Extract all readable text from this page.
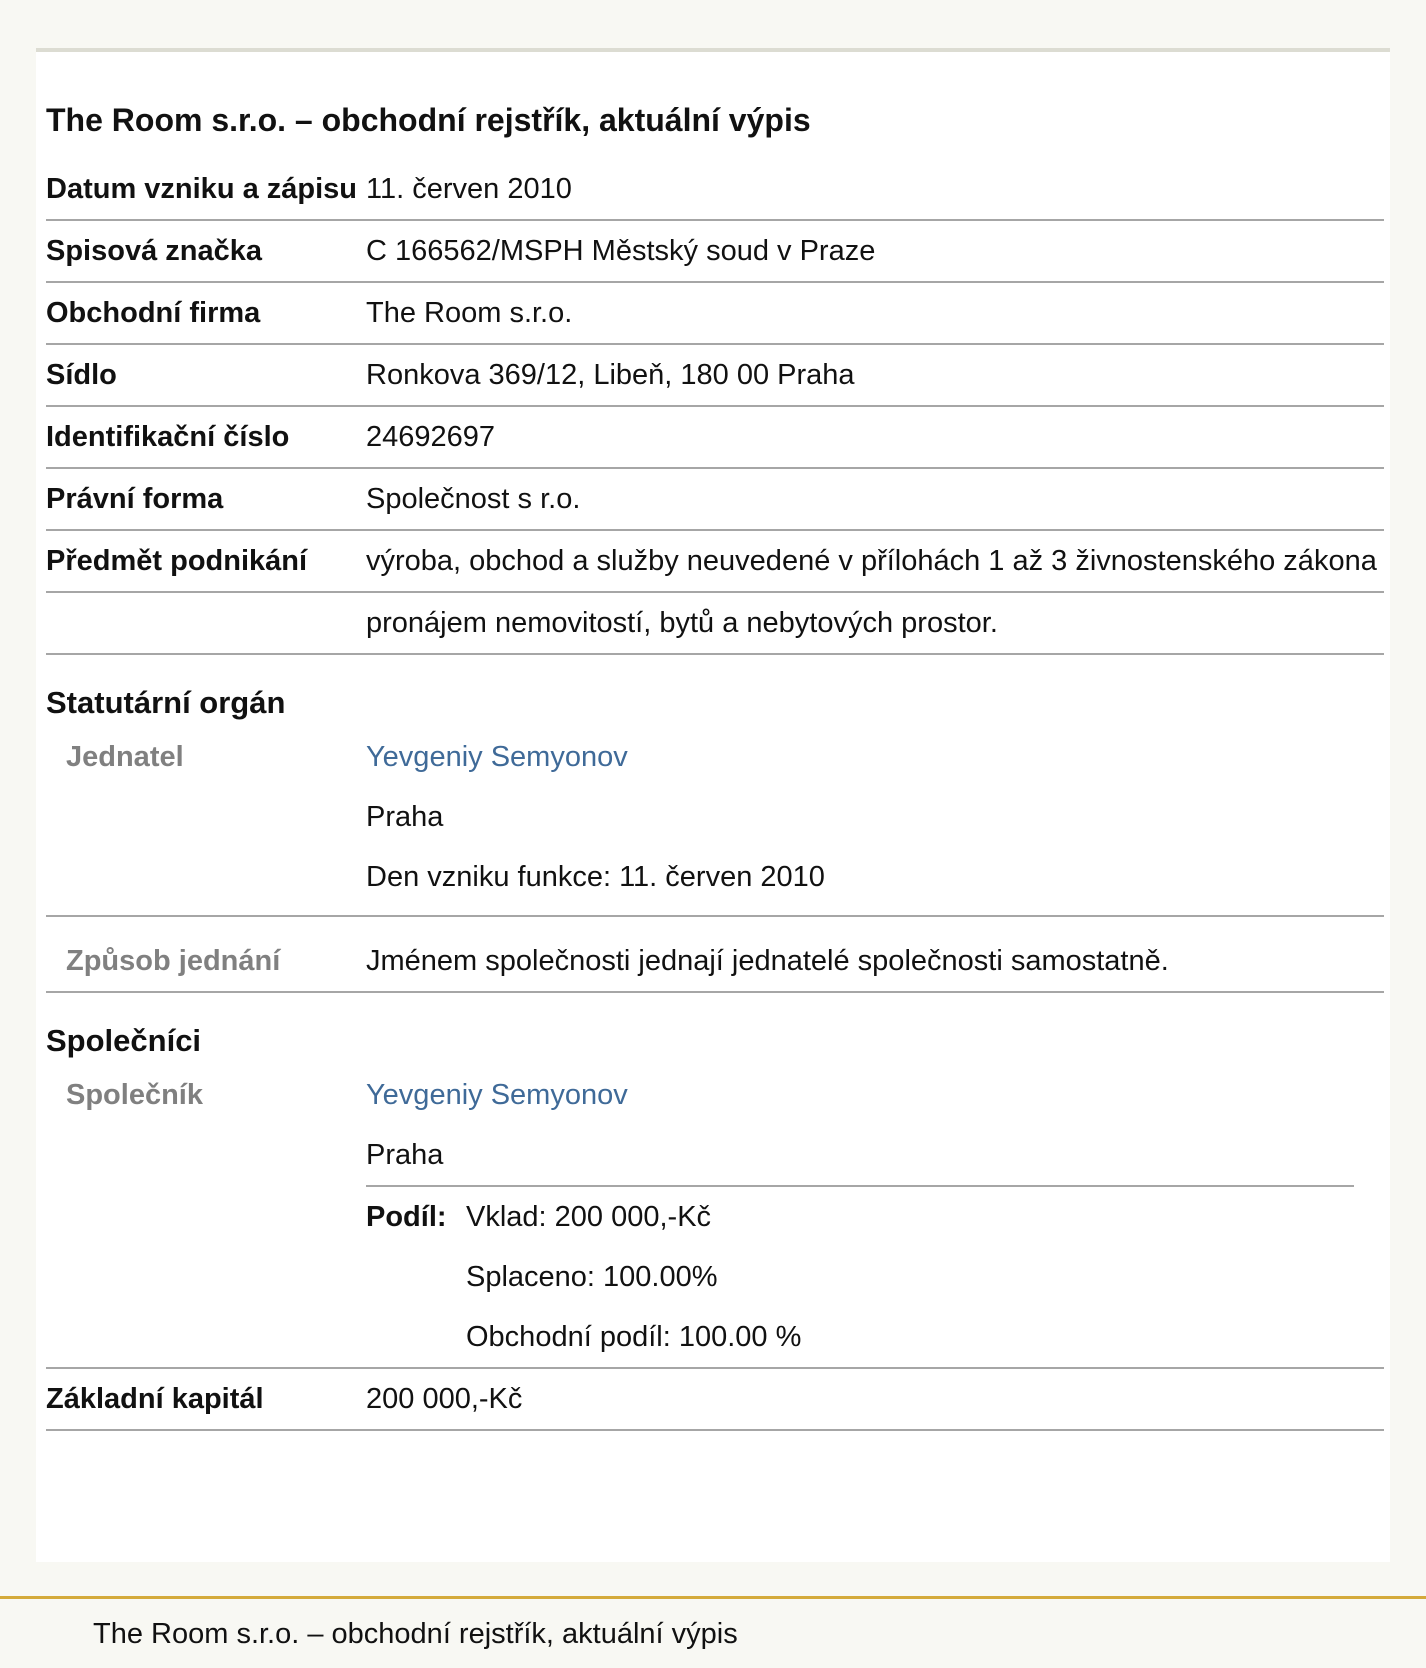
The Room s.r.o. – obchodní rejstřík, aktuální výpis
Datum vzniku a zápisu 11. červen 2010
Spisová značka	C 166562/MSPH Městský soud v Praze
Obchodní firma	The Room s.r.o.
Sídlo	Ronkova 369/12, Libeň, 180 00 Praha
Identifikační číslo	24692697
Právní forma	Společnost s r.o.
Předmět podnikání	výroba, obchod a služby neuvedené v přílohách 1 až 3 živnostenského zákona
pronájem nemovitostí, bytů a nebytových prostor.
Statutární orgán
Jednatel	Yevgeniy Semyonov
Praha
Den vzniku funkce: 11. červen 2010
Způsob jednání	Jménem společnosti jednají jednatelé společnosti samostatně.
Společníci
Společník	Yevgeniy Semyonov
Praha
Podíl: Vklad: 200 000,-Kč
Splaceno: 100.00%
Obchodní podíl: 100.00 %
Základní kapitál	200 000,-Kč
The Room s.r.o. – obchodní rejstřík, aktuální výpis
